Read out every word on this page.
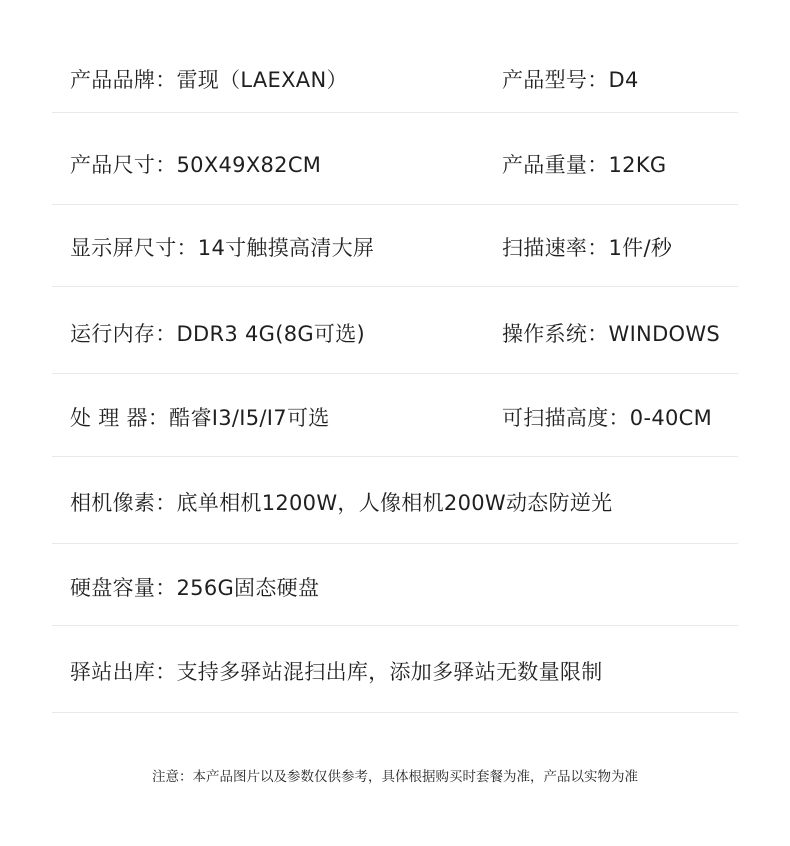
产品品牌：雷现（LAEXAN）	产品型号：D4
产品尺寸：50X49X82CM	产品重量：12KG
显示屏尺寸：14寸触摸高清大屏	扫描速率：1件/秒
运行内存：DDR3 4G(8G可选)	操作系统：WINDOWS
处 理 器：酷睿I3/I5/I7可选	可扫描高度：0-40CM
相机像素：底单相机1200W，人像相机200W动态防逆光
硬盘容量：256G固态硬盘
驿站出库：支持多驿站混扫出库，添加多驿站无数量限制
注意：本产品图片以及参数仅供参考，具体根据购买时套餐为准，产品以实物为准
